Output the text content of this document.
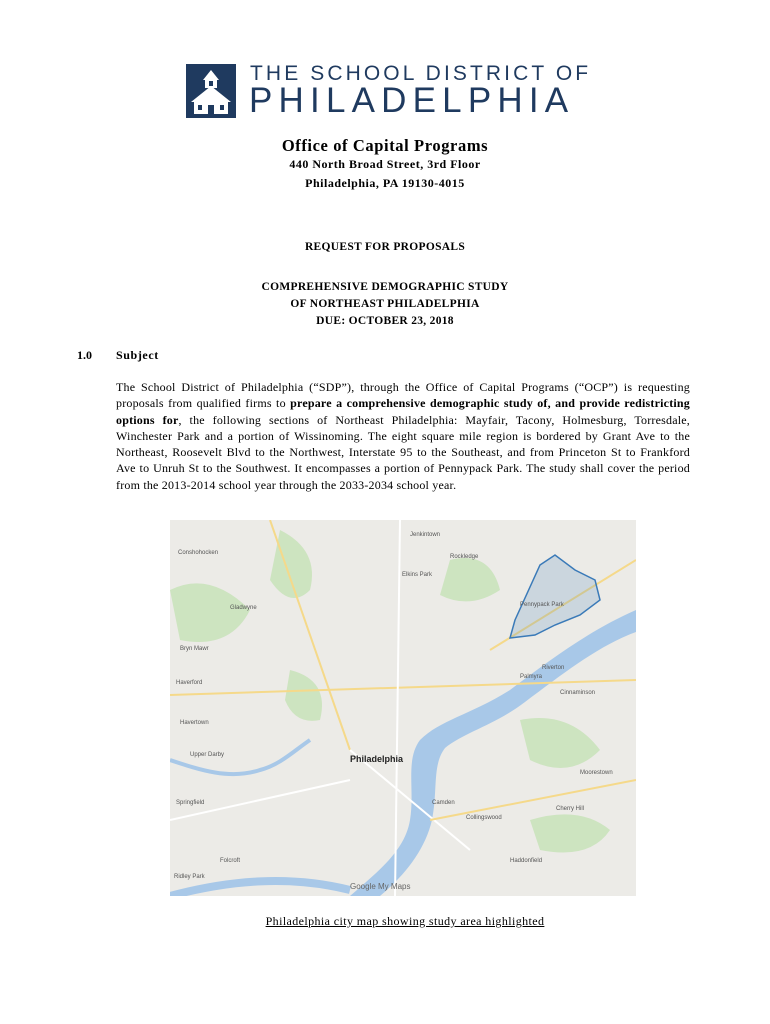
THE SCHOOL DISTRICT OF
PHILADELPHIA
Office of Capital Programs
440 North Broad Street, 3rd Floor
Philadelphia, PA 19130-4015
REQUEST FOR PROPOSALS
COMPREHENSIVE DEMOGRAPHIC STUDY
OF NORTHEAST PHILADELPHIA
DUE: OCTOBER 23, 2018
1.0 Subject
The School District of Philadelphia (“SDP”), through the Office of Capital Programs (“OCP”) is requesting proposals from qualified firms to prepare a comprehensive demographic study of, and provide redistricting options for, the following sections of Northeast Philadelphia: Mayfair, Tacony, Holmesburg, Torresdale, Winchester Park and a portion of Wissinoming. The eight square mile region is bordered by Grant Ave to the Northeast, Roosevelt Blvd to the Northwest, Interstate 95 to the Southeast, and from Princeton St to Frankford Ave to Unruh St to the Southwest. It encompasses a portion of Pennypack Park. The study shall cover the period from the 2013-2014 school year through the 2033-2034 school year.
Philadelphia
Camden
Jenkintown
Rockledge
Elkins Park
Conshohocken
Gladwyne
Bryn Mawr
Haverford
Havertown
Upper Darby
Springfield
Folcroft
Ridley Park
Collingswood
Haddonfield
Cherry Hill
Palmyra
Riverton
Moorestown
Pennypack Park
Cinnaminson
Google My Maps
Philadelphia city map showing study area highlighted
